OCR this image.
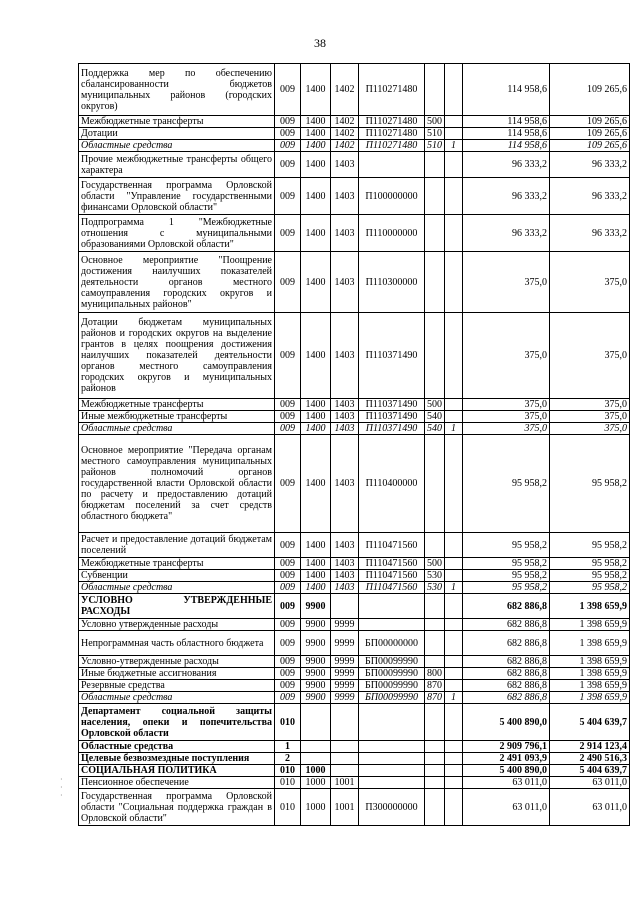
38
·
·
·
Поддержка мер по обеспечению сбалансированности бюджетов муниципальных районов (городских округов)	009	1400	1402	П110271480			114 958,6	109 265,6
Межбюджетные трансферты	009	1400	1402	П110271480	500		114 958,6	109 265,6
Дотации	009	1400	1402	П110271480	510		114 958,6	109 265,6
Областные средства	009	1400	1402	П110271480	510	1	114 958,6	109 265,6
Прочие межбюджетные трансферты общего характера	009	1400	1403				96 333,2	96 333,2
Государственная программа Орловской области "Управление государственными финансами Орловской области"	009	1400	1403	П100000000			96 333,2	96 333,2
Подпрограмма 1 "Межбюджетные отношения с муниципальными образованиями Орловской области"	009	1400	1403	П110000000			96 333,2	96 333,2
Основное мероприятие "Поощрение достижения наилучших показателей деятельности органов местного самоуправления городских округов и муниципальных районов"	009	1400	1403	П110300000			375,0	375,0
Дотации бюджетам муниципальных районов и городских округов на выделение грантов в целях поощрения достижения наилучших показателей деятельности органов местного самоуправления городских округов и муниципальных районов	009	1400	1403	П110371490			375,0	375,0
Межбюджетные трансферты	009	1400	1403	П110371490	500		375,0	375,0
Иные межбюджетные трансферты	009	1400	1403	П110371490	540		375,0	375,0
Областные средства	009	1400	1403	П110371490	540	1	375,0	375,0
Основное мероприятие "Передача органам местного самоуправления муниципальных районов полномочий органов государственной власти Орловской области по расчету и предоставлению дотаций бюджетам поселений за счет средств областного бюджета"	009	1400	1403	П110400000			95 958,2	95 958,2
Расчет и предоставление дотаций бюджетам поселений	009	1400	1403	П110471560			95 958,2	95 958,2
Межбюджетные трансферты	009	1400	1403	П110471560	500		95 958,2	95 958,2
Субвенции	009	1400	1403	П110471560	530		95 958,2	95 958,2
Областные средства	009	1400	1403	П110471560	530	1	95 958,2	95 958,2
УСЛОВНО УТВЕРЖДЕННЫЕ РАСХОДЫ	009	9900					682 886,8	1 398 659,9
Условно утвержденные расходы	009	9900	9999				682 886,8	1 398 659,9
Непрограммная часть областного бюджета	009	9900	9999	БП00000000			682 886,8	1 398 659,9
Условно-утвержденные расходы	009	9900	9999	БП00099990			682 886,8	1 398 659,9
Иные бюджетные ассигнования	009	9900	9999	БП00099990	800		682 886,8	1 398 659,9
Резервные средства	009	9900	9999	БП00099990	870		682 886,8	1 398 659,9
Областные средства	009	9900	9999	БП00099990	870	1	682 886,8	1 398 659,9
Департамент социальной защиты населения, опеки и попечительства Орловской области	010						5 400 890,0	5 404 639,7
Областные средства	1						2 909 796,1	2 914 123,4
Целевые безвозмездные поступления	2						2 491 093,9	2 490 516,3
СОЦИАЛЬНАЯ ПОЛИТИКА	010	1000					5 400 890,0	5 404 639,7
Пенсионное обеспечение	010	1000	1001				63 011,0	63 011,0
Государственная программа Орловской области "Социальная поддержка граждан в Орловской области"	010	1000	1001	П300000000			63 011,0	63 011,0
